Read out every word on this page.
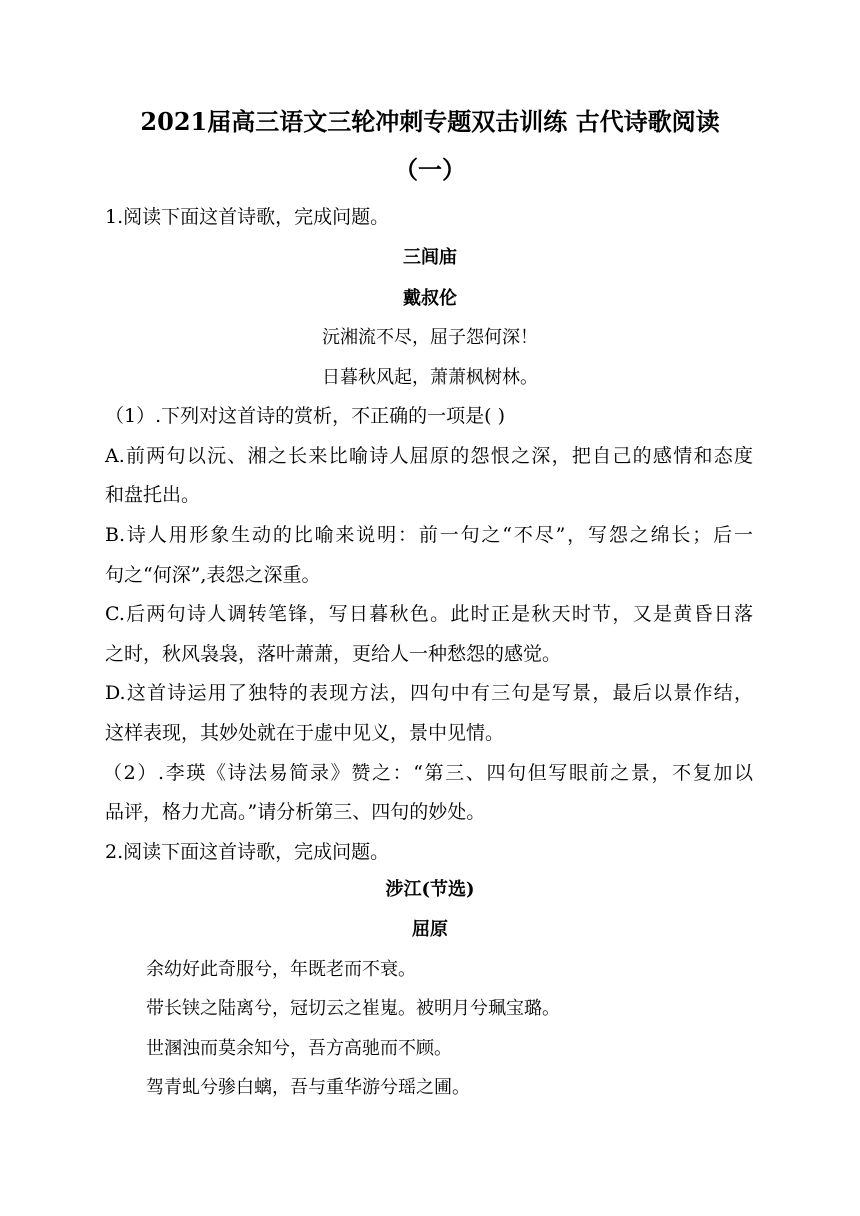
2021届高三语文三轮冲刺专题双击训练 古代诗歌阅读
（一）
1.阅读下面这首诗歌，完成问题。
三闾庙
戴叔伦
沅湘流不尽，屈子怨何深！
日暮秋风起，萧萧枫树林。
（1）.下列对这首诗的赏析，不正确的一项是( )
A.前两句以沅、湘之长来比喻诗人屈原的怨恨之深，把自己的感情和态度
和盘托出。
B.诗人用形象生动的比喻来说明：前一句之“不尽”，写怨之绵长；后一
句之“何深”,表怨之深重。
C.后两句诗人调转笔锋，写日暮秋色。此时正是秋天时节，又是黄昏日落
之时，秋风袅袅，落叶萧萧，更给人一种愁怨的感觉。
D.这首诗运用了独特的表现方法，四句中有三句是写景，最后以景作结，
这样表现，其妙处就在于虚中见义，景中见情。
（2）.李瑛《诗法易简录》赞之：“第三、四句但写眼前之景，不复加以
品评，格力尤高。”请分析第三、四句的妙处。
2.阅读下面这首诗歌，完成问题。
涉江(节选)
屈原
余幼好此奇服兮，年既老而不衰。
带长铗之陆离兮，冠切云之崔嵬。被明月兮珮宝璐。
世溷浊而莫余知兮，吾方高驰而不顾。
驾青虬兮骖白螭，吾与重华游兮瑶之圃。
